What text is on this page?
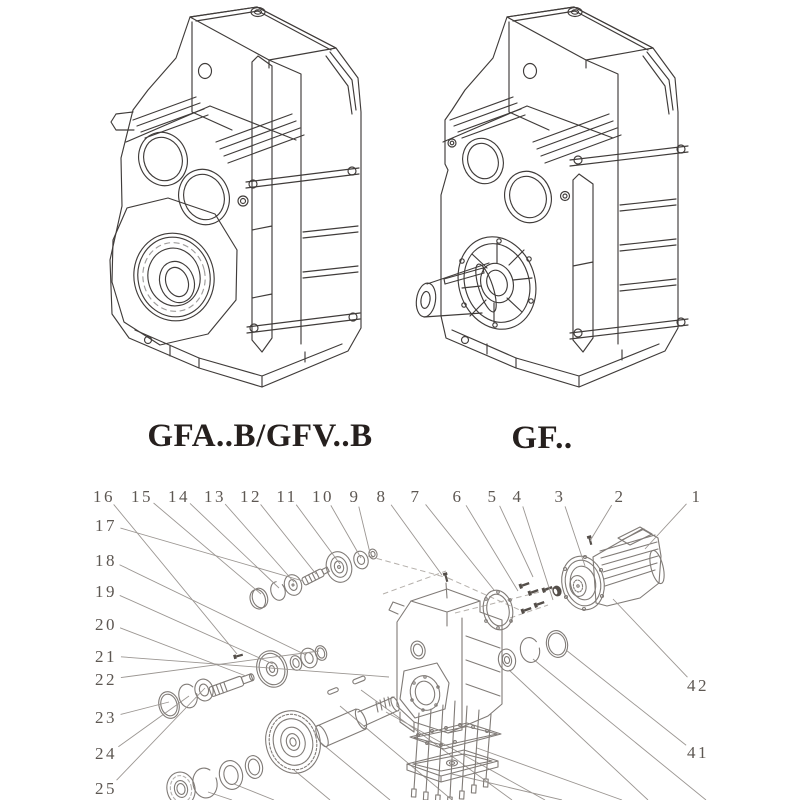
1
2
3
4
5
6
7
8
9
10
11
12
13
14
15
16
17
18
19
20
21
22
23
24
25
41
42
GFA..B/GFV..B	GF..
